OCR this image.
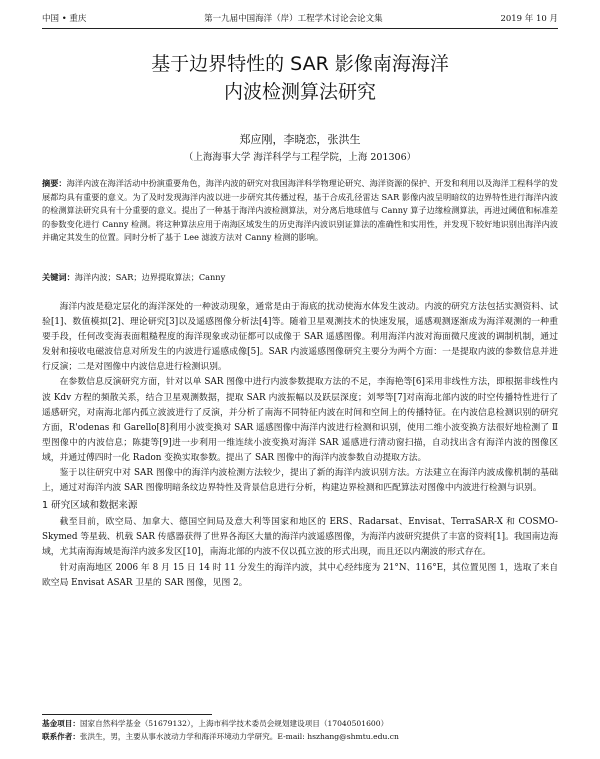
中国 • 重庆	第一九届中国海洋（岸）工程学术讨论会论文集	2019 年 10 月
基于边界特性的 SAR 影像南海海洋
内波检测算法研究
郑应刚，李晓恋，张洪生
（上海海事大学 海洋科学与工程学院，上海 201306）
摘要：海洋内波在海洋活动中扮演重要角色，海洋内波的研究对我国海洋科学物理论研究、海洋资源的保护、开发和利用以及海洋工程科学的发展都均具有重要的意义。为了及时发现海洋内波以进一步研究其传播过程，基于合成孔径雷达 SAR 影像内波呈明暗纹的边界特性进行海洋内波的检测算法研究具有十分重要的意义。提出了一种基于海洋内波检测算法，对分离后地球值与 Canny 算子边缘检测算法，再进过阈值和标准差的参数变化进行 Canny 检测。将这种算法应用于南海区域发生的历史海洋内波识别证算法的准确性和实用性，并发现下较好地识别出海洋内波并确定其发生的位置。同时分析了基于 Lee 滤波方法对 Canny 检测的影响。
关键词：海洋内波；SAR；边界提取算法；Canny

海洋内波是稳定层化的海洋深处的一种波动现象，通常是由于海底的扰动使海水体发生波动。内波的研究方法包括实测资料、试验[1]、数值模拟[2]、理论研究[3]以及遥感图像分析法[4]等。随着卫星观测技术的快速发展，遥感观测逐渐成为海洋观测的一种重要手段，任何改变海表面粗糙程度的海洋现象或动征都可以成像于 SAR 遥感图像。利用海洋内波对海面微尺度波的调制机制，通过发射和接收电磁波信息对所发生的内波进行遥感成像[5]。SAR 内波遥感图像研究主要分为两个方面：一是提取内波的参数信息并进行反演；二是对图像中内波信息进行检测识别。

在参数信息反演研究方面，针对以单 SAR 图像中进行内波参数提取方法的不足，李海艳等[6]采用非线性方法，即根据非线性内波 Kdv 方程的频散关系，结合卫星观测数据，提取 SAR 内波振幅以及跃层深度；刘琴等[7]对南海北部内波的时空传播特性进行了遥感研究，对南海北部内孤立波波进行了反演，并分析了南海不同特征内波在时间和空间上的传播特征。在内波信息检测识别的研究方面，R'odenas 和 Garello[8]利用小波变换对 SAR 遥感图像中海洋内波进行检测和识别，使用二维小波变换方法很好地检测了 Ⅱ 型图像中的内波信息；陈捷等[9]进一步利用一维连续小波变换对海洋 SAR 遥感进行清动窗扫描，自动找出含有海洋内波的图像区域，并通过傅四时一化 Radon 变换实取参数。提出了 SAR 图像中的海洋内波参数自动提取方法。

鉴于以往研究中对 SAR 图像中的海洋内波检测方法较少，提出了新的海洋内波识别方法。方法建立在海洋内波成像机制的基础上，通过对海洋内波 SAR 图像明暗条纹边界特性及背景信息进行分析，构建边界检测和匹配算法对图像中内波进行检测与识别。

1 研究区域和数据来源

截至目前，欧空局、加拿大、德国空间局及意大利等国家和地区的 ERS、Radarsat、Envisat、TerraSAR-X 和 COSMO-Skymed 等星载、机载 SAR 传感器获得了世界各海区大量的海洋内波遥感图像，为海洋内波研究提供了丰富的资料[1]。我国南边海域，尤其南海海域是海洋内波多发区[10]，南海北部的内波不仅以孤立波的形式出现，而且还以内潮波的形式存在。

针对南海地区 2006 年 8 月 15 日 14 时 11 分发生的海洋内波，其中心经纬度为 21°N、116°E，其位置见图 1，选取了来自欧空局 Envisat ASAR 卫星的 SAR 图像，见图 2。

基金项目：国家自然科学基金（51679132），上海市科学技术委员会规划建设项目（17040501600）
联系作者：张洪生，男，主要从事水波动力学和海洋环境动力学研究。E-mail: hszhang@shmtu.edu.cn
